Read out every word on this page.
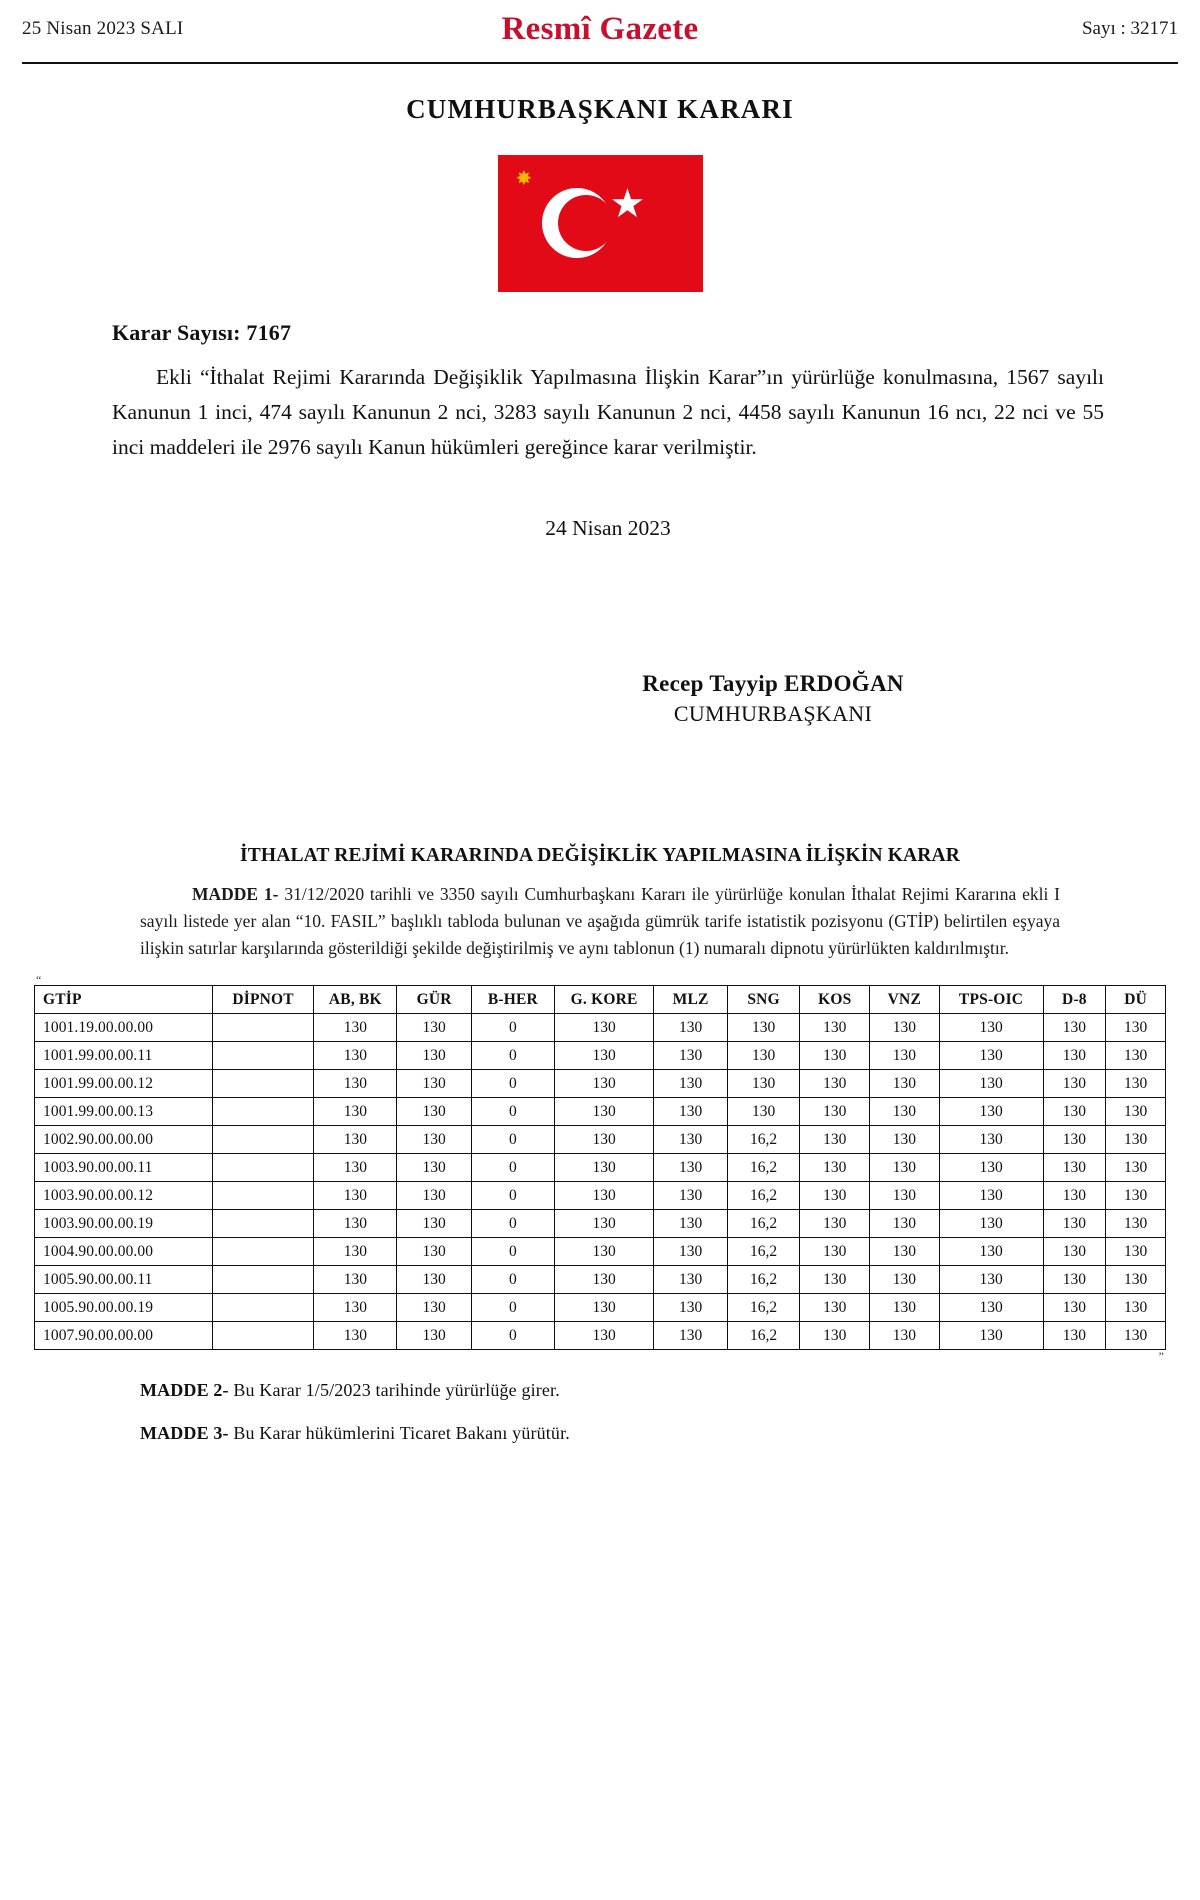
25 Nisan 2023 SALI	Resmî Gazete	Sayı : 32171
CUMHURBAŞKANI KARARI
✸
Karar Sayısı: 7167
Ekli “İthalat Rejimi Kararında Değişiklik Yapılmasına İlişkin Karar”ın yürürlüğe konulmasına, 1567 sayılı Kanunun 1 inci, 474 sayılı Kanunun 2 nci, 3283 sayılı Kanunun 2 nci, 4458 sayılı Kanunun 16 ncı, 22 nci ve 55 inci maddeleri ile 2976 sayılı Kanun hükümleri gereğince karar verilmiştir.
24 Nisan 2023
Recep Tayyip ERDOĞAN
CUMHURBAŞKANI
İTHALAT REJİMİ KARARINDA DEĞİŞİKLİK YAPILMASINA İLİŞKİN KARAR
MADDE 1- 31/12/2020 tarihli ve 3350 sayılı Cumhurbaşkanı Kararı ile yürürlüğe konulan İthalat Rejimi Kararına ekli I sayılı listede yer alan “10. FASIL” başlıklı tabloda bulunan ve aşağıda gümrük tarife istatistik pozisyonu (GTİP) belirtilen eşyaya ilişkin satırlar karşılarında gösterildiği şekilde değiştirilmiş ve aynı tablonun (1) numaralı dipnotu yürürlükten kaldırılmıştır.
“
GTİP	DİPNOT	AB, BK	GÜR	B-HER	G. KORE	MLZ	SNG	KOS	VNZ	TPS-OIC	D-8	DÜ
1001.19.00.00.00		130	130	0	130	130	130	130	130	130	130	130
1001.99.00.00.11		130	130	0	130	130	130	130	130	130	130	130
1001.99.00.00.12		130	130	0	130	130	130	130	130	130	130	130
1001.99.00.00.13		130	130	0	130	130	130	130	130	130	130	130
1002.90.00.00.00		130	130	0	130	130	16,2	130	130	130	130	130
1003.90.00.00.11		130	130	0	130	130	16,2	130	130	130	130	130
1003.90.00.00.12		130	130	0	130	130	16,2	130	130	130	130	130
1003.90.00.00.19		130	130	0	130	130	16,2	130	130	130	130	130
1004.90.00.00.00		130	130	0	130	130	16,2	130	130	130	130	130
1005.90.00.00.11		130	130	0	130	130	16,2	130	130	130	130	130
1005.90.00.00.19		130	130	0	130	130	16,2	130	130	130	130	130
1007.90.00.00.00		130	130	0	130	130	16,2	130	130	130	130	130
”
MADDE 2- Bu Karar 1/5/2023 tarihinde yürürlüğe girer.
MADDE 3- Bu Karar hükümlerini Ticaret Bakanı yürütür.
